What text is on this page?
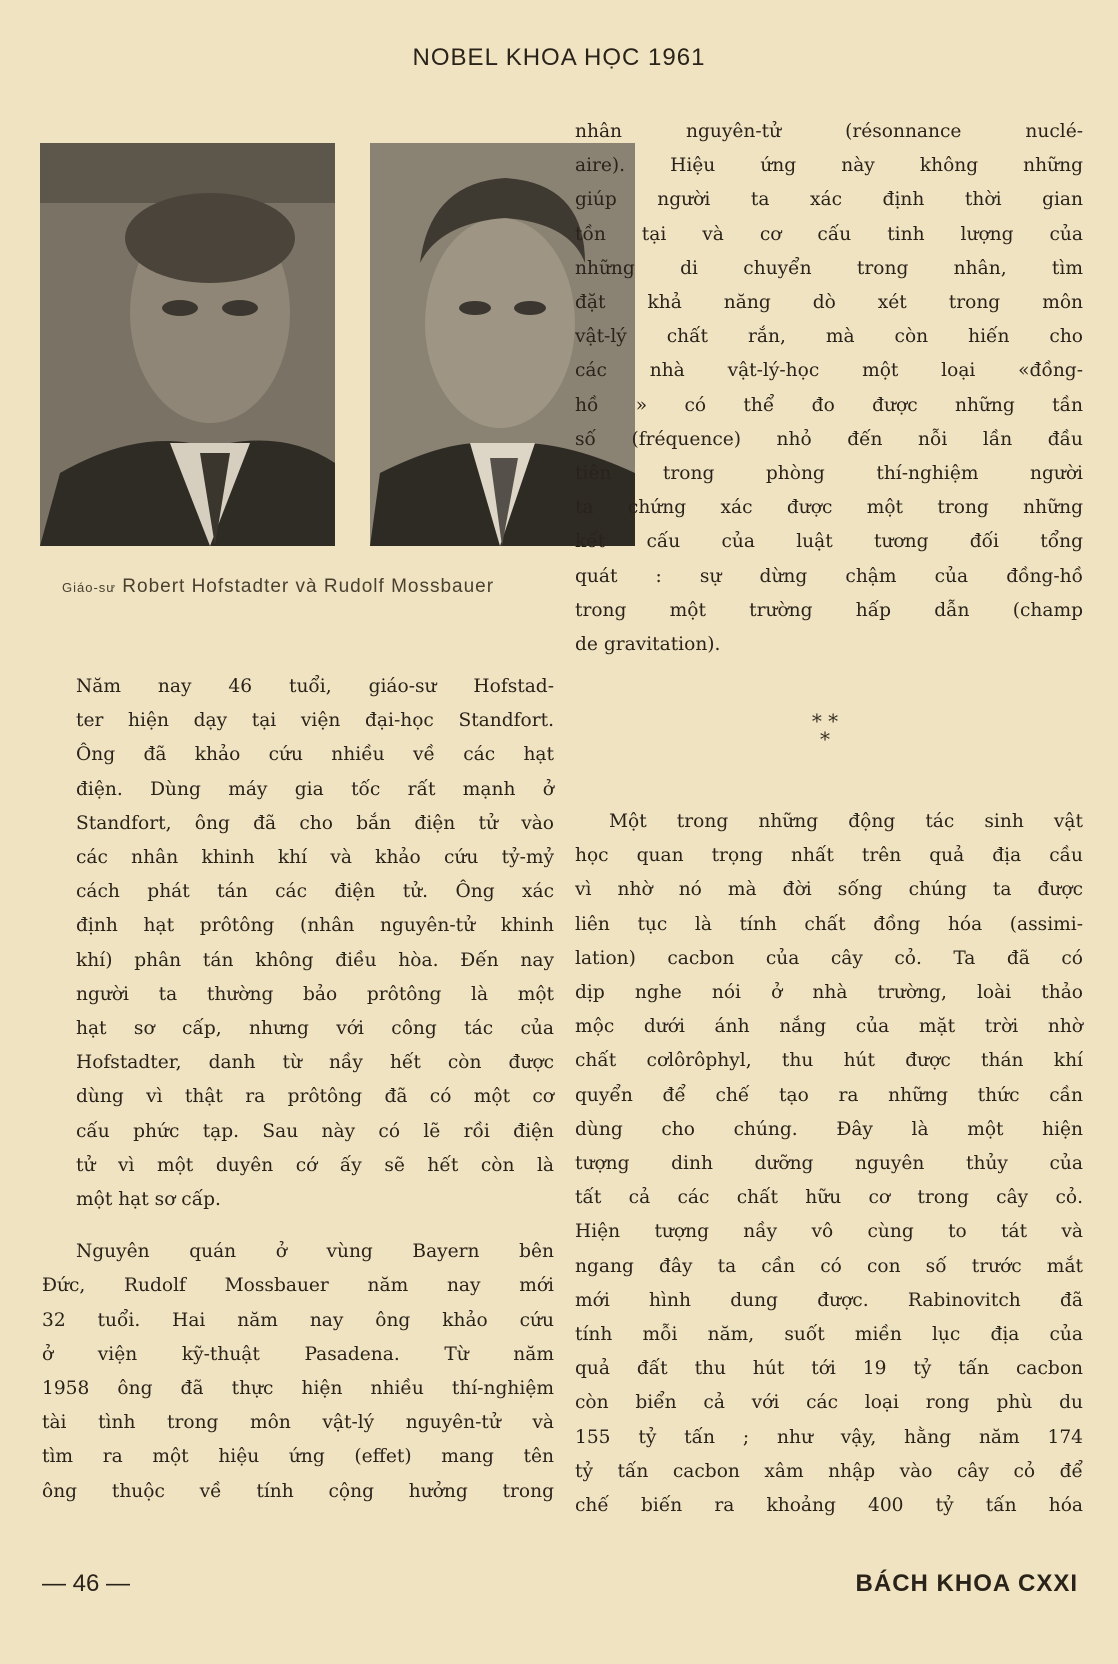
NOBEL KHOA HỌC 1961
Giáo-sư Robert Hofstadter và Rudolf Mossbauer

Năm nay 46 tuổi, giáo-sư Hofstad-
ter hiện dạy tại viện đại-học Standfort.
Ông đã khảo cứu nhiều về các hạt
điện. Dùng máy gia tốc rất mạnh ở
Standfort, ông đã cho bắn điện tử vào
các nhân khinh khí và khảo cứu tỷ-mỷ
cách phát tán các điện tử. Ông xác
định hạt prôtông (nhân nguyên-tử khinh
khí) phân tán không điều hòa. Đến nay
người ta thường bảo prôtông là một
hạt sơ cấp, nhưng với công tác của
Hofstadter, danh từ nầy hết còn được
dùng vì thật ra prôtông đã có một cơ
cấu phức tạp. Sau này có lẽ rồi điện
tử vì một duyên cớ ấy sẽ hết còn là
một hạt sơ cấp.

Nguyên quán ở vùng Bayern bên
Đức, Rudolf Mossbauer năm nay mới
32 tuổi. Hai năm nay ông khảo cứu
ở viện kỹ-thuật Pasadena. Từ năm
1958 ông đã thực hiện nhiều thí-nghiệm
tài tình trong môn vật-lý nguyên-tử và
tìm ra một hiệu ứng (effet) mang tên
ông thuộc về tính cộng hưởng trong

nhân nguyên-tử (résonnance nuclé-
aire). Hiệu ứng này không những
giúp người ta xác định thời gian
tồn tại và cơ cấu tinh lượng của
những di chuyển trong nhân, tìm
đặt khả năng dò xét trong môn
vật-lý chất rắn, mà còn hiến cho
các nhà vật-lý-học một loại «đồng-
hồ » có thể đo được những tần
số (fréquence) nhỏ đến nỗi lần đầu
tiên trong phòng thí-nghiệm người
ta chứng xác được một trong những
kết cấu của luật tương đối tổng
quát : sự dừng chậm của đồng-hồ
trong một trường hấp dẫn (champ
de gravitation).

* *
*

Một trong những động tác sinh vật
học quan trọng nhất trên quả địa cầu
vì nhờ nó mà đời sống chúng ta được
liên tục là tính chất đồng hóa (assimi-
lation) cacbon của cây cỏ. Ta đã có
dịp nghe nói ở nhà trường, loài thảo
mộc dưới ánh nắng của mặt trời nhờ
chất cơlôrôphyl, thu hút được thán khí
quyển để chế tạo ra những thức cần
dùng cho chúng. Đây là một hiện
tượng dinh dưỡng nguyên thủy của
tất cả các chất hữu cơ trong cây cỏ.
Hiện tượng nầy vô cùng to tát và
ngang đây ta cần có con số trước mắt
mới hình dung được. Rabinovitch đã
tính mỗi năm, suốt miền lục địa của
quả đất thu hút tới 19 tỷ tấn cacbon
còn biển cả với các loại rong phù du
155 tỷ tấn ; như vậy, hằng năm 174
tỷ tấn cacbon xâm nhập vào cây cỏ để
chế biến ra khoảng 400 tỷ tấn hóa

— 46 —	BÁCH KHOA CXXI
